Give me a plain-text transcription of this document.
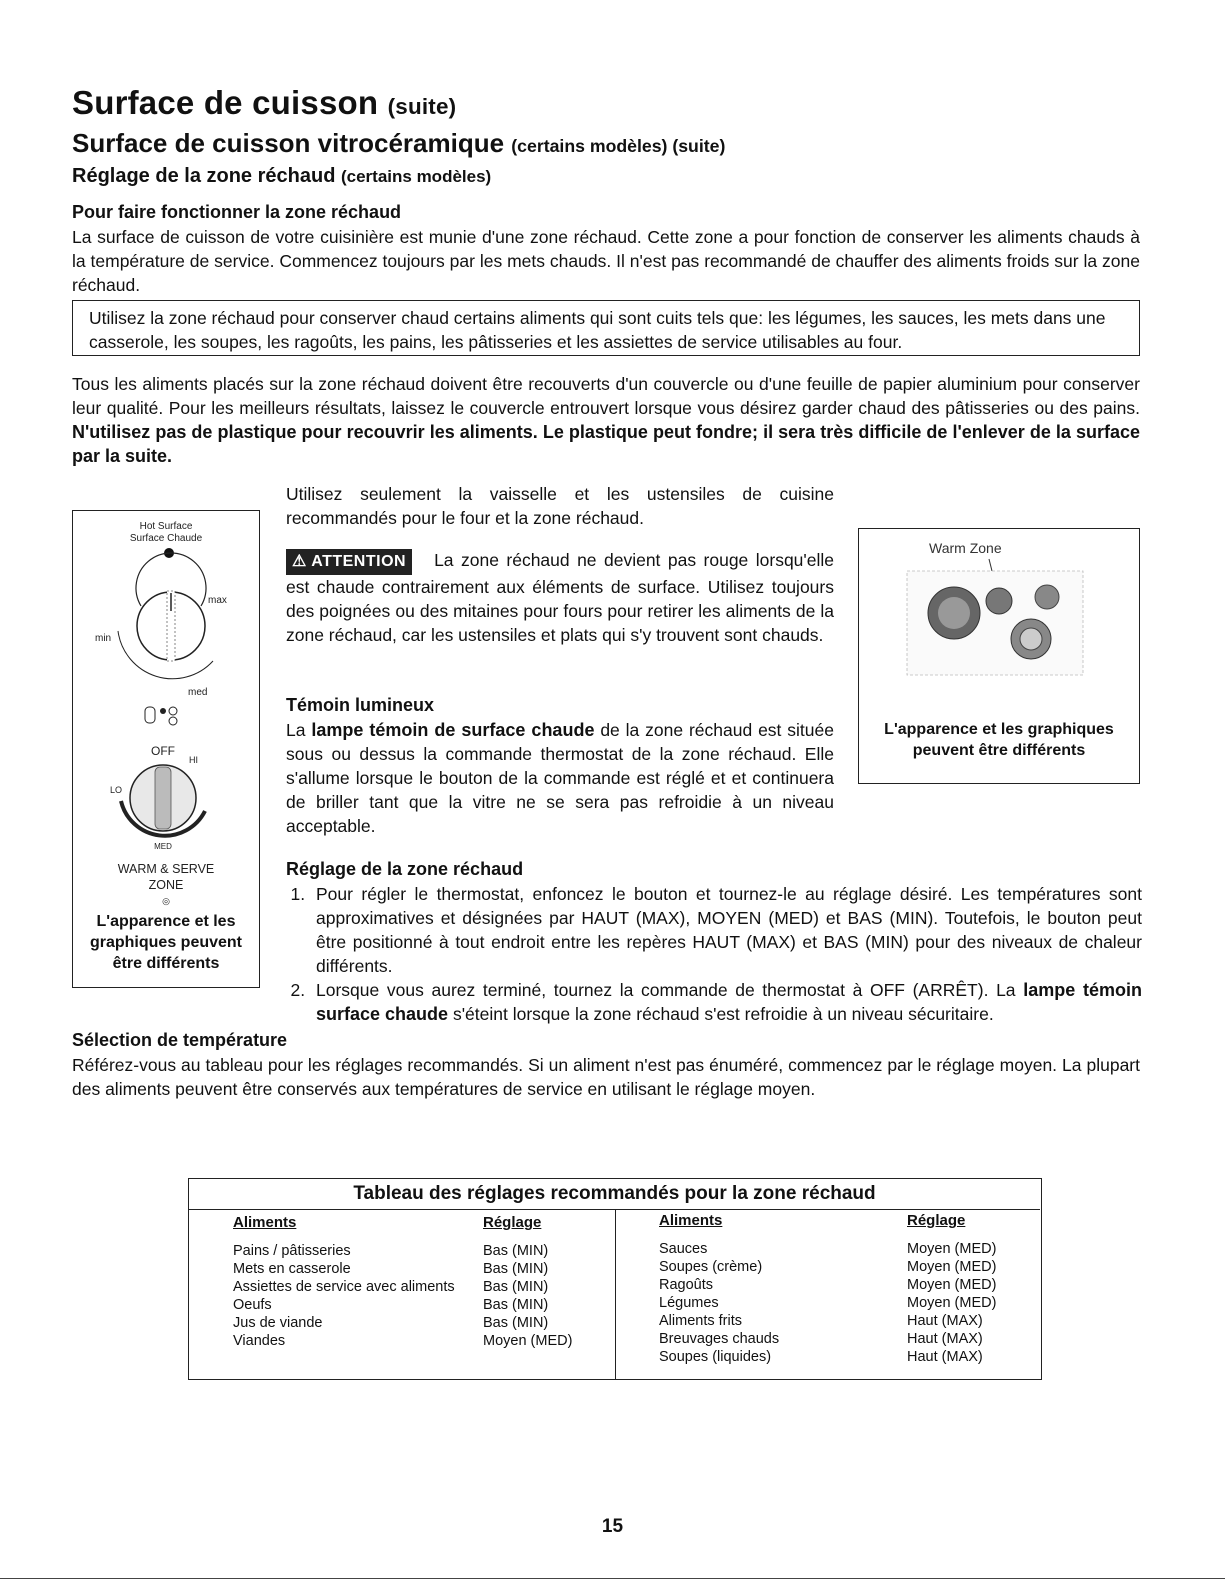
Surface de cuisson (suite)
Surface de cuisson vitrocéramique (certains modèles) (suite)
Réglage de la zone réchaud (certains modèles)
Pour faire fonctionner la zone réchaud
La surface de cuisson de votre cuisinière est munie d'une zone réchaud. Cette zone a pour fonction de conserver les aliments chauds à la température de service. Commencez toujours par les mets chauds. Il n'est pas recommandé de chauffer des aliments froids sur la zone réchaud.
Utilisez la zone réchaud pour conserver chaud certains aliments qui sont cuits tels que: les légumes, les sauces, les mets dans une casserole, les soupes, les ragoûts, les pains, les pâtisseries et les assiettes de service utilisables au four.
Tous les aliments placés sur la zone réchaud doivent être recouverts d'un couvercle ou d'une feuille de papier aluminium pour conserver leur qualité. Pour les meilleurs résultats, laissez le couvercle entrouvert lorsque vous désirez garder chaud des pâtisseries ou des pains. N'utilisez pas de plastique pour recouvrir les aliments. Le plastique peut fondre; il sera très difficile de l'enlever de la surface par la suite.
Hot Surface
Surface Chaude
max
min
med
OFF
HI
LO
MED
WARM & SERVE
ZONE
◎
L'apparence et les graphiques peuvent être différents
Utilisez seulement la vaisselle et les ustensiles de cuisine recommandés pour le four et la zone réchaud.
⚠ ATTENTION La zone réchaud ne devient pas rouge lorsqu'elle est chaude contrairement aux éléments de surface. Utilisez toujours des poignées ou des mitaines pour fours pour retirer les aliments de la zone réchaud, car les ustensiles et plats qui s'y trouvent sont chauds.
Témoin lumineux
La lampe témoin de surface chaude de la zone réchaud est située sous ou dessus la commande thermostat de la zone réchaud. Elle s'allume lorsque le bouton de la commande est réglé et et continuera de briller tant que la vitre ne se sera pas refroidie à un niveau acceptable.
Warm Zone
L'apparence et les graphiques peuvent être différents
Réglage de la zone réchaud
1. Pour régler le thermostat, enfoncez le bouton et tournez-le au réglage désiré. Les températures sont approximatives et désignées par HAUT (MAX), MOYEN (MED) et BAS (MIN). Toutefois, le bouton peut être positionné à tout endroit entre les repères HAUT (MAX) et BAS (MIN) pour des niveaux de chaleur différents.
2. Lorsque vous aurez terminé, tournez la commande de thermostat à OFF (ARRÊT). La lampe témoin surface chaude s'éteint lorsque la zone réchaud s'est refroidie à un niveau sécuritaire.
Sélection de température
Référez-vous au tableau pour les réglages recommandés. Si un aliment n'est pas énuméré, commencez par le réglage moyen. La plupart des aliments peuvent être conservés aux températures de service en utilisant le réglage moyen.
Tableau des réglages recommandés pour la zone réchaud
Aliments	Réglage	Aliments	Réglage
Pains / pâtisseries	Bas (MIN)
Mets en casserole	Bas (MIN)
Assiettes de service avec aliments	Bas (MIN)
Oeufs	Bas (MIN)
Jus de viande	Bas (MIN)
Viandes	Moyen (MED)
Sauces	Moyen (MED)
Soupes (crème)	Moyen (MED)
Ragoûts	Moyen (MED)
Légumes	Moyen (MED)
Aliments frits	Haut (MAX)
Breuvages chauds	Haut (MAX)
Soupes (liquides)	Haut (MAX)
15
